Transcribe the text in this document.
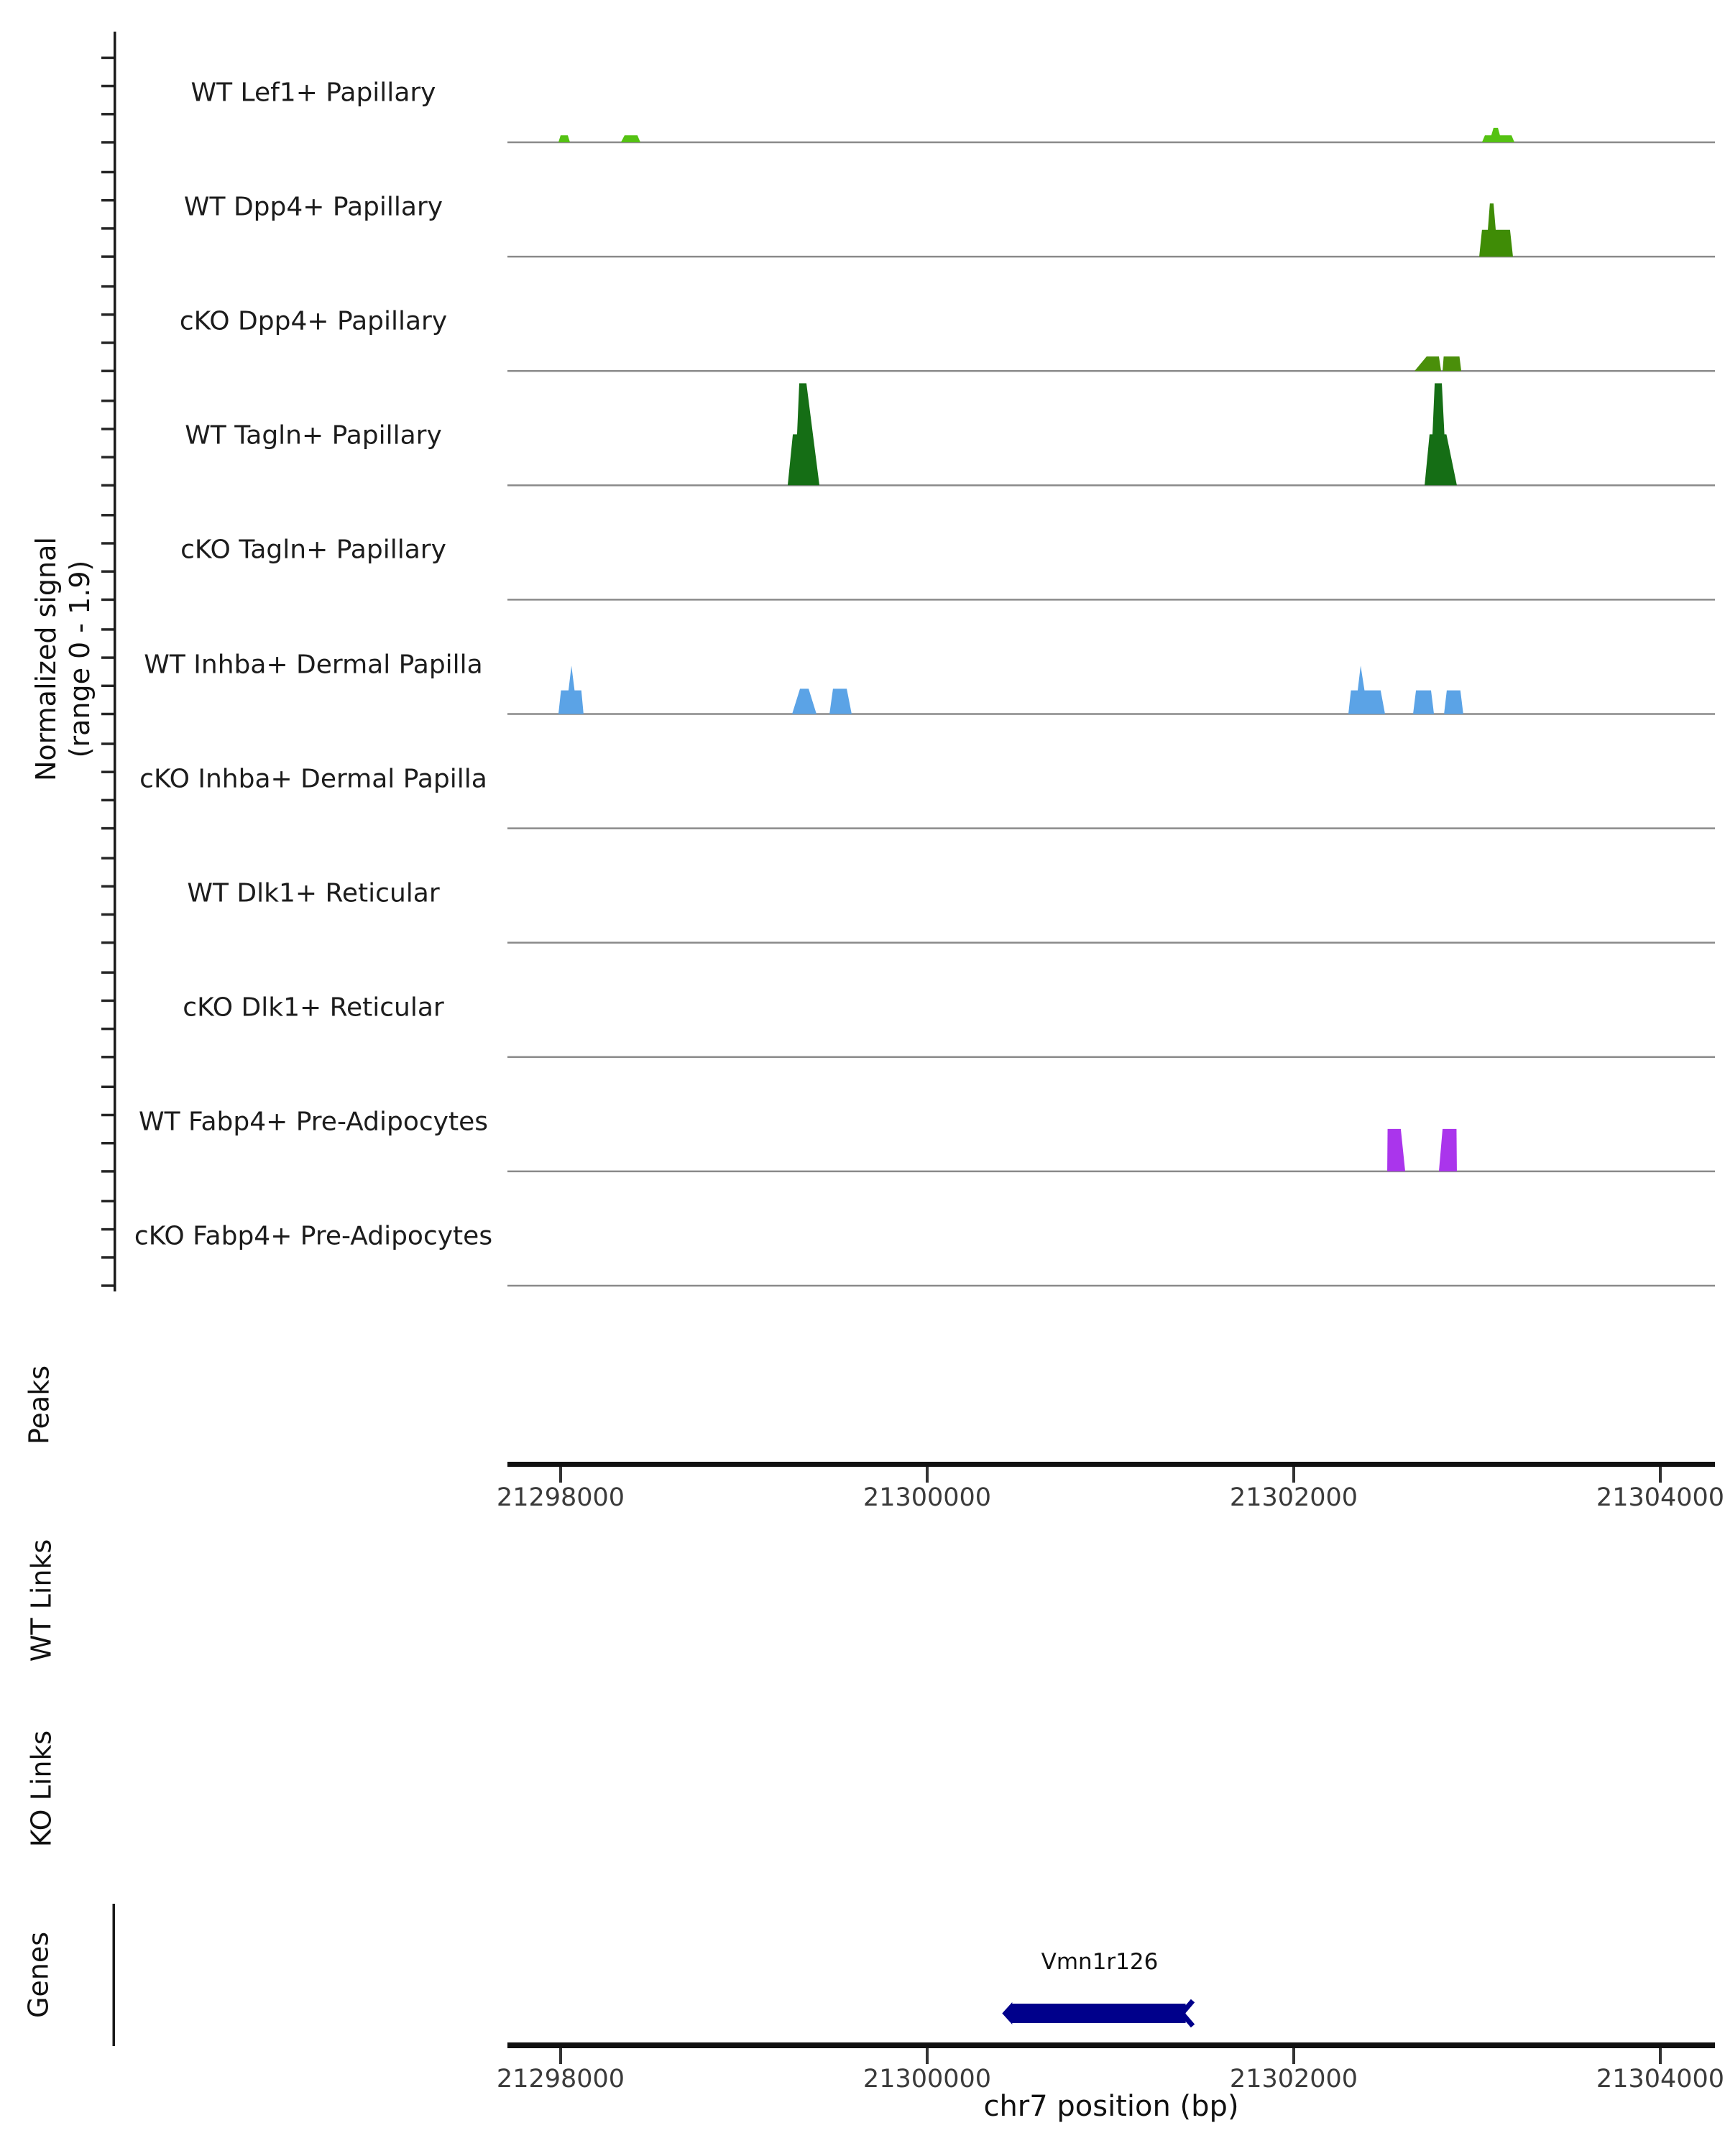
Normalized signal
(range 0 - 1.9)
Peaks
WT Links
KO Links
Genes	Vmn1r126
chr7 position (bp)
WT Lef1+ Papillary
WT Dpp4+ Papillary
cKO Dpp4+ Papillary
WT Tagln+ Papillary
cKO Tagln+ Papillary
WT Inhba+ Dermal Papilla
cKO Inhba+ Dermal Papilla
WT Dlk1+ Reticular
cKO Dlk1+ Reticular
WT Fabp4+ Pre-Adipocytes
cKO Fabp4+ Pre-Adipocytes
21298000	21300000	21302000	21304000
21298000	21300000	21302000	21304000
